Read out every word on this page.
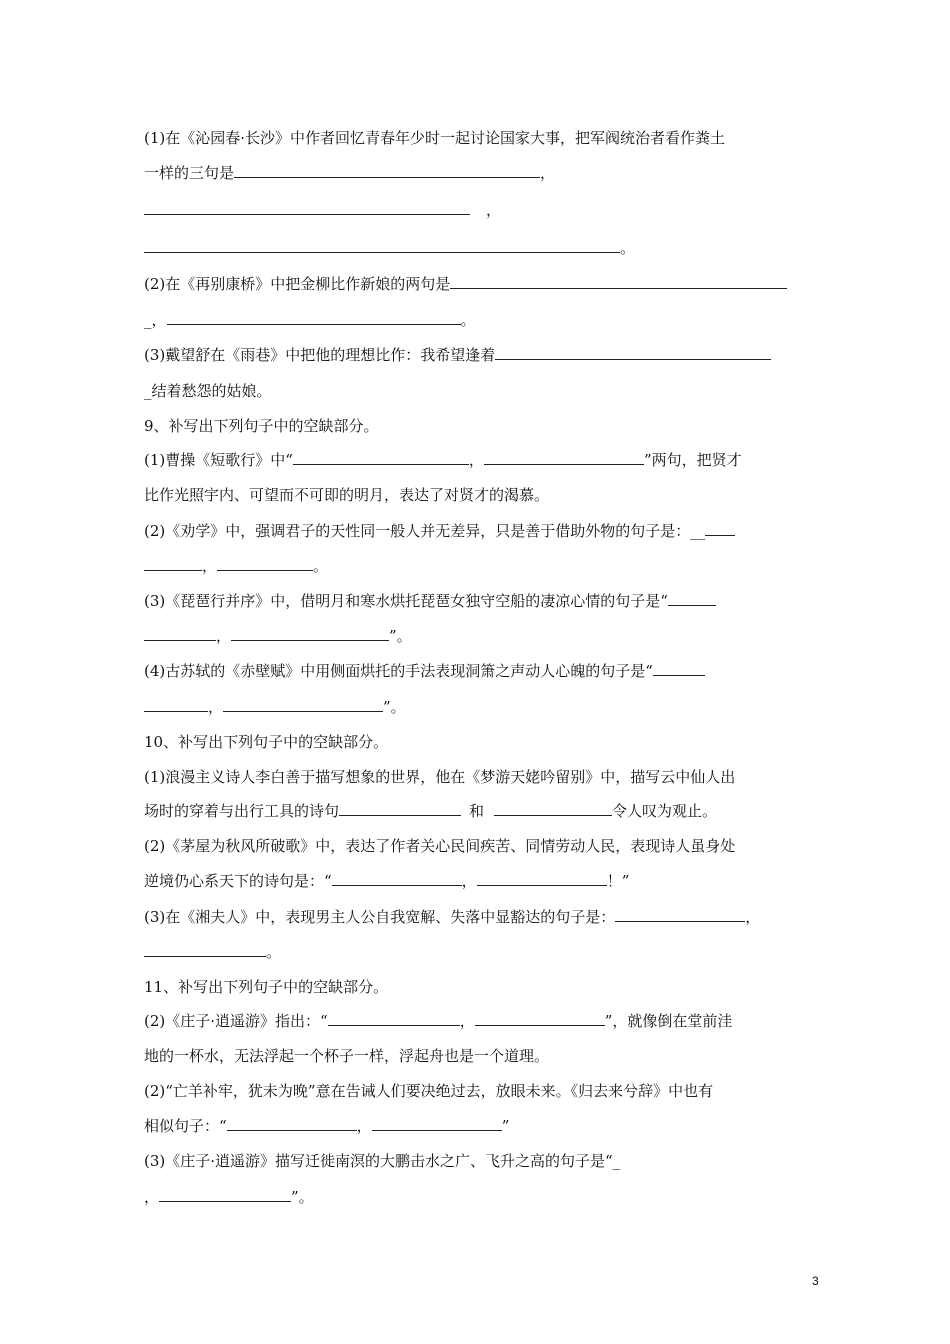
(1)在《沁园春·长沙》中作者回忆青春年少时一起讨论国家大事，把军阀统治者看作粪土
一样的三句是	，
，
。
(2)在《再别康桥》中把金柳比作新娘的两句是
_，	。
(3)戴望舒在《雨巷》中把他的理想比作：我希望逢着
_结着愁怨的姑娘。
9、补写出下列句子中的空缺部分。
(1)曹操《短歌行》中“	，	”两句，把贤才
比作光照宇内、可望而不可即的明月，表达了对贤才的渴慕。
(2)《劝学》中，强调君子的天性同一般人并无差异，只是善于借助外物的句子是：__
，	。
(3)《琵琶行并序》中，借明月和寒水烘托琵琶女独守空船的凄凉心情的句子是“
，	”。
(4)古苏轼的《赤壁赋》中用侧面烘托的手法表现洞箫之声动人心魄的句子是“
，	”。
10、补写出下列句子中的空缺部分。
(1)浪漫主义诗人李白善于描写想象的世界，他在《梦游天姥吟留别》中，描写云中仙人出
场时的穿着与出行工具的诗句	和	令人叹为观止。
(2)《茅屋为秋风所破歌》中，表达了作者关心民间疾苦、同情劳动人民，表现诗人虽身处
逆境仍心系天下的诗句是：“	，	！”
(3)在《湘夫人》中，表现男主人公自我宽解、失落中显豁达的句子是：	，
。
11、补写出下列句子中的空缺部分。
(2)《庄子·逍遥游》指出：“	，	”，就像倒在堂前洼
地的一杯水，无法浮起一个杯子一样，浮起舟也是一个道理。
(2)“亡羊补牢，犹未为晚”意在告诫人们要决绝过去，放眼未来。《归去来兮辞》中也有
相似句子：“	，	”
(3)《庄子·逍遥游》描写迁徙南溟的大鹏击水之广、飞升之高的句子是“_
，	”。
3
